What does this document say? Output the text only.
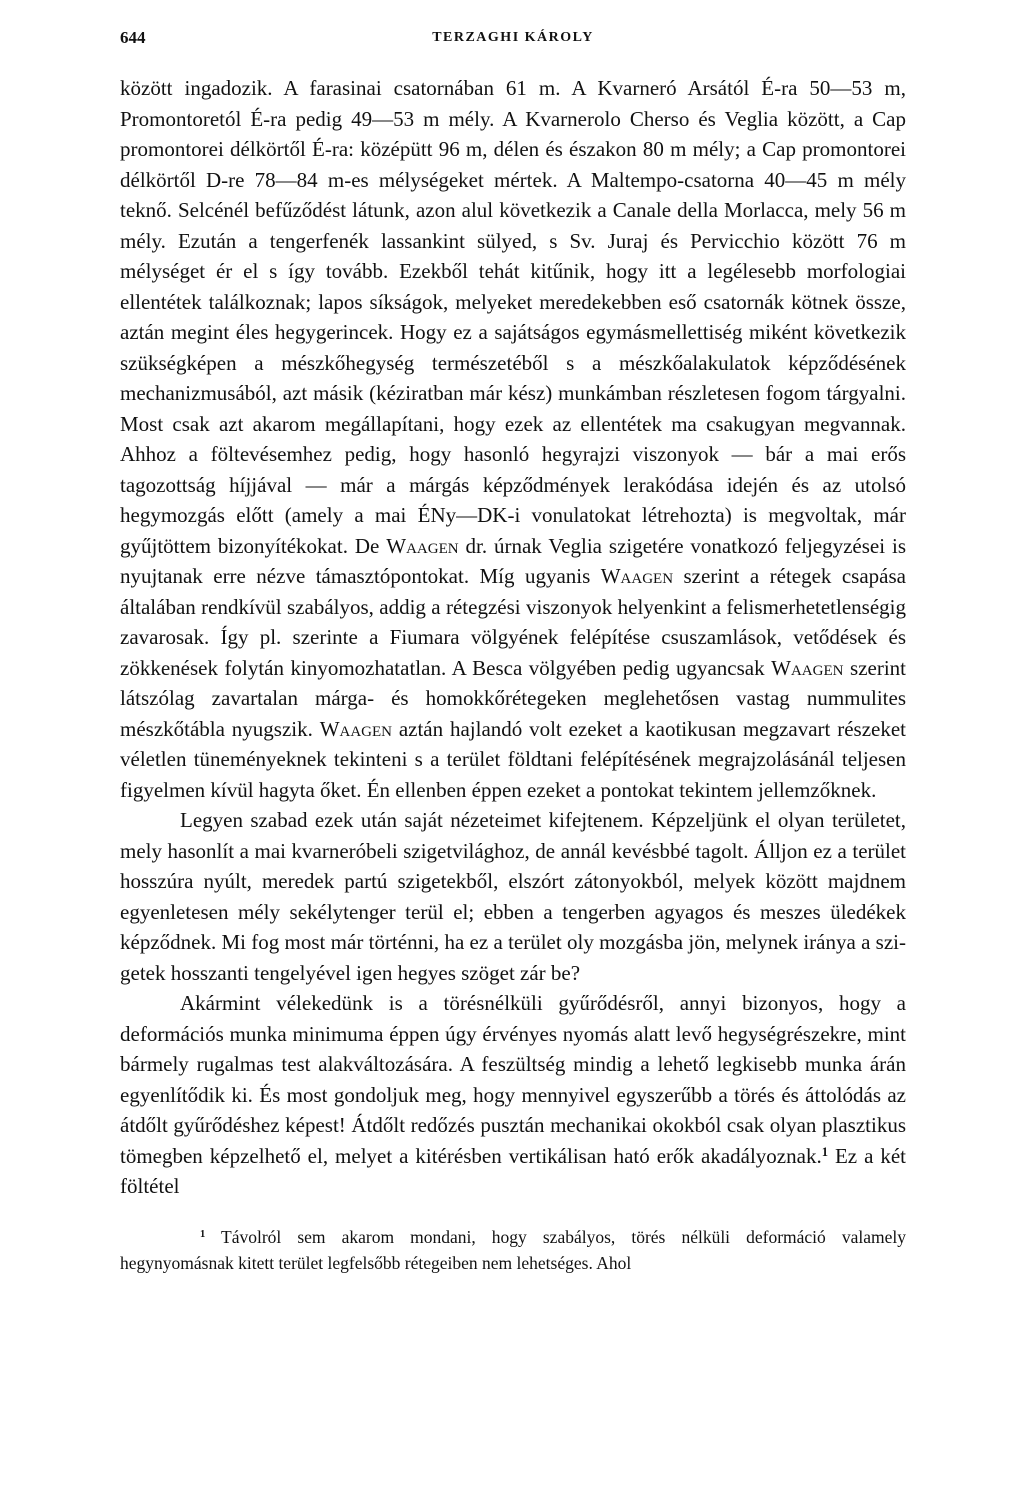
644	TERZAGHI KÁROLY

között ingadozik. A farasinai csatornában 61 m. A Kvarneró Arsától É-ra 50—53 m, Promontoretól É-ra pedig 49—53 m mély. A Kvarnerolo Cherso és Veglia között, a Cap promontorei délkörtől É-ra: középütt 96 m, délen és északon 80 m mély; a Cap promontorei délkörtől D-re 78—84 m-es mélységeket mértek. A Maltempo-csatorna 40—45 m mély teknő. Selcénél befűződést látunk, azon alul következik a Canale della Morlacca, mely 56 m mély. Ezután a tengerfenék lassankint sülyed, s Sv. Juraj és Pervicchio között 76 m mélységet ér el s így tovább. Ezekből tehát kitűnik, hogy itt a legélesebb morfologiai ellentétek találkoznak; lapos síkságok, melyeket meredekebben eső csatornák kötnek össze, aztán megint éles hegygerincek. Hogy ez a sajátságos egymásmellettiség miként következik szükségképen a mészkőhegység természetéből s a mészkőalakulatok képződésének mechanizmusából, azt másik (kéziratban már kész) munkámban részletesen fogom tárgyalni. Most csak azt akarom megállapítani, hogy ezek az ellentétek ma csakugyan megvannak. Ahhoz a föltevésemhez pedig, hogy hasonló hegyrajzi viszonyok — bár a mai erős tagozottság híjjával — már a márgás képződmények lerakódása idején és az utolsó hegymozgás előtt (amely a mai ÉNy—DK-i vonulatokat létrehozta) is megvoltak, már gyűjtöttem bizonyítékokat. De Waagen dr. úrnak Veglia szigetére vonatkozó feljegyzései is nyujtanak erre nézve támasztópontokat. Míg ugyanis Waagen szerint a rétegek csapása általában rendkívül szabályos, addig a rétegzési viszonyok helyenkint a felismerhetetlenségig zavarosak. Így pl. szerinte a Fiumara völgyének felépítése csuszamlások, vetődések és zökkenések folytán kinyomozhatatlan. A Besca völgyében pedig ugyancsak Waagen szerint látszólag zavartalan márga- és homokkőrétegeken meglehetősen vastag nummulites mészkőtábla nyugszik. Waagen aztán hajlandó volt ezeket a kaotikusan megzavart részeket véletlen tüneményeknek tekinteni s a terület földtani felépítésének megrajzolásánál teljesen figyelmen kívül hagyta őket. Én ellenben éppen ezeket a pontokat tekintem jellemzőknek.

Legyen szabad ezek után saját nézeteimet kifejtenem. Képzeljünk el olyan területet, mely hasonlít a mai kvarneróbeli szigetvilághoz, de annál kevésbbé tagolt. Álljon ez a terület hosszúra nyúlt, meredek partú szigetekből, elszórt zátonyokból, melyek között majdnem egyenletesen mély sekélytenger terül el; ebben a tengerben agyagos és meszes üledékek képződnek. Mi fog most már történni, ha ez a terület oly mozgásba jön, melynek iránya a szigetek hosszanti tengelyével igen hegyes szöget zár be?

Akármint vélekedünk is a törésnélküli gyűrődésről, annyi bizonyos, hogy a deformációs munka minimuma éppen úgy érvényes nyomás alatt levő hegységrészekre, mint bármely rugalmas test alakváltozására. A feszültség mindig a lehető legkisebb munka árán egyenlítődik ki. És most gondoljuk meg, hogy mennyivel egyszerűbb a törés és áttolódás az átdőlt gyűrődéshez képest! Átdőlt redőzés pusztán mechanikai okokból csak olyan plasztikus tömegben képzelhető el, melyet a kitérésben vertikálisan ható erők akadályoznak.$^1$ Ez a két föltétel

$^1$ Távolról sem akarom mondani, hogy szabályos, törés nélküli deformáció valamely hegynyomásnak kitett terület legfelsőbb rétegeiben nem lehetséges. Ahol
